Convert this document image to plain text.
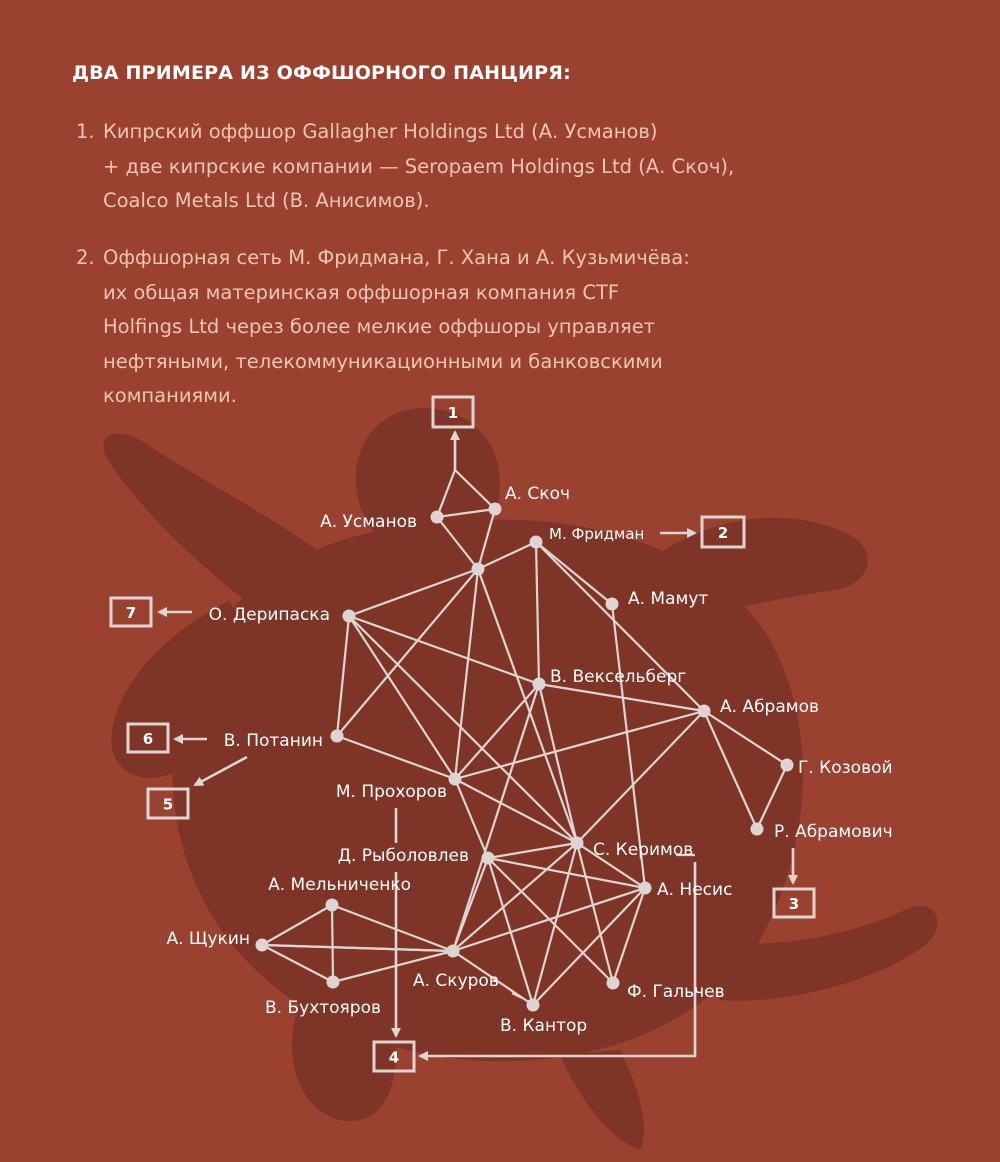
ДВА ПРИМЕРА ИЗ ОФФШОРНОГО ПАНЦИРЯ:
1. Кипрский оффшор Gallagher Holdings Ltd (А. Усманов)
+ две кипрские компании — Seropaem Holdings Ltd (А. Скоч),
Coalco Metals Ltd (В. Анисимов).
2. Оффшорная сеть М. Фридмана, Г. Хана и А. Кузьмичёва:
их общая материнская оффшорная компания CTF
Holfings Ltd через более мелкие оффшоры управляет
нефтяными, телекоммуникационными и банковскими
компаниями.
А. Усманов
А. Скоч
М. Фридман
А. Мамут
О. Дерипаска
В. Вексельберг
А. Абрамов
В. Потанин
Г. Козовой
М. Прохоров
Р. Абрамович
Д. Рыболовлев	С. Керимов
А. Несис
А. Мельниченко
А. Щукин
А. Скуров
Ф. Гальчев
В. Бухтояров
В. Кантор
1
2
3
4
5
6
7
